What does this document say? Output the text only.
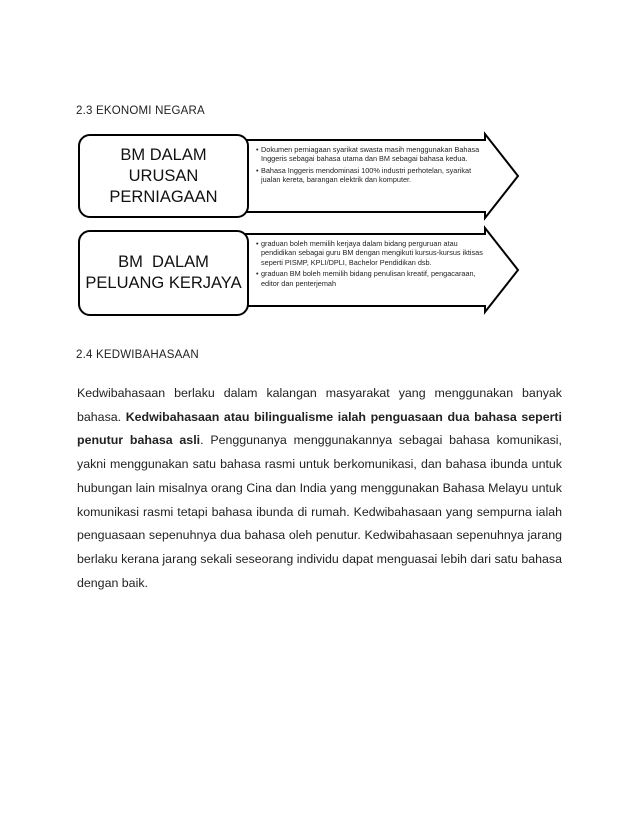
2.3 EKONOMI NEGARA
BM DALAM
URUSAN
PERNIAGAAN
• Dokumen perniagaan syarikat swasta masih menggunakan Bahasa Inggeris sebagai bahasa utama dan BM sebagai bahasa kedua.
• Bahasa Inggeris mendominasi 100% industri perhotelan, syarikat jualan kereta, barangan elektrik dan komputer.
BM  DALAM
PELUANG KERJAYA
• graduan boleh memilih kerjaya dalam bidang perguruan atau pendidikan sebagai guru BM dengan mengikuti kursus-kursus iktisas seperti PISMP, KPLI/DPLI, Bachelor Pendidikan dsb.
• graduan BM boleh memilih bidang penulisan kreatif, pengacaraan, editor dan penterjemah
2.4 KEDWIBAHASAAN

Kedwibahasaan berlaku dalam kalangan masyarakat yang menggunakan banyak bahasa. Kedwibahasaan atau bilingualisme ialah penguasaan dua bahasa seperti penutur bahasa asli. Penggunanya menggunakannya sebagai bahasa komunikasi, yakni menggunakan satu bahasa rasmi untuk berkomunikasi, dan bahasa ibunda untuk hubungan lain misalnya orang Cina dan India yang menggunakan Bahasa Melayu untuk komunikasi rasmi tetapi bahasa ibunda di rumah. Kedwibahasaan yang sempurna ialah penguasaan sepenuhnya dua bahasa oleh penutur. Kedwibahasaan sepenuhnya jarang berlaku kerana jarang sekali seseorang individu dapat menguasai lebih dari satu bahasa dengan baik.
